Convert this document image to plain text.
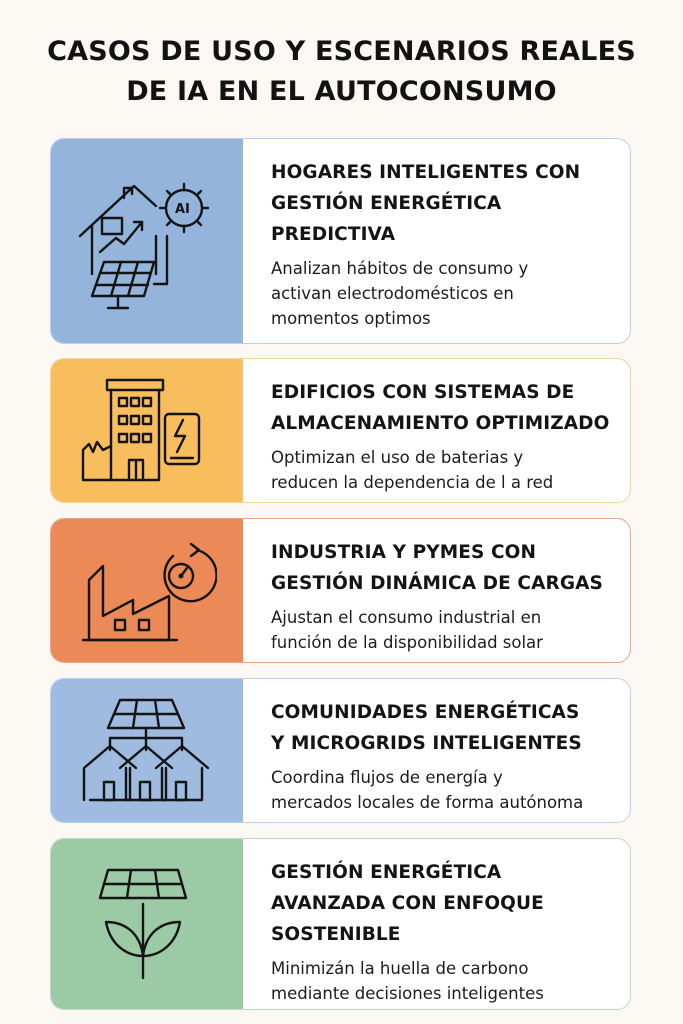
CASOS DE USO Y ESCENARIOS REALES
DE IA EN EL AUTOCONSUMO
AI
HOGARES INTELIGENTES CON
GESTIÓN ENERGÉTICA
PREDICTIVA

Analizan hábitos de consumo y
activan electrodomésticos en
momentos optimos

EDIFICIOS CON SISTEMAS DE
ALMACENAMIENTO OPTIMIZADO

Optimizan el uso de baterias y
reducen la dependencia de l a red

INDUSTRIA Y PYMES CON
GESTIÓN DINÁMICA DE CARGAS

Ajustan el consumo industrial en
función de la disponibilidad solar

COMUNIDADES ENERGÉTICAS
Y MICROGRIDS INTELIGENTES

Coordina flujos de energía y
mercados locales de forma autónoma

GESTIÓN ENERGÉTICA
AVANZADA CON ENFOQUE
SOSTENIBLE

Minimizán la huella de carbono
mediante decisiones inteligentes
